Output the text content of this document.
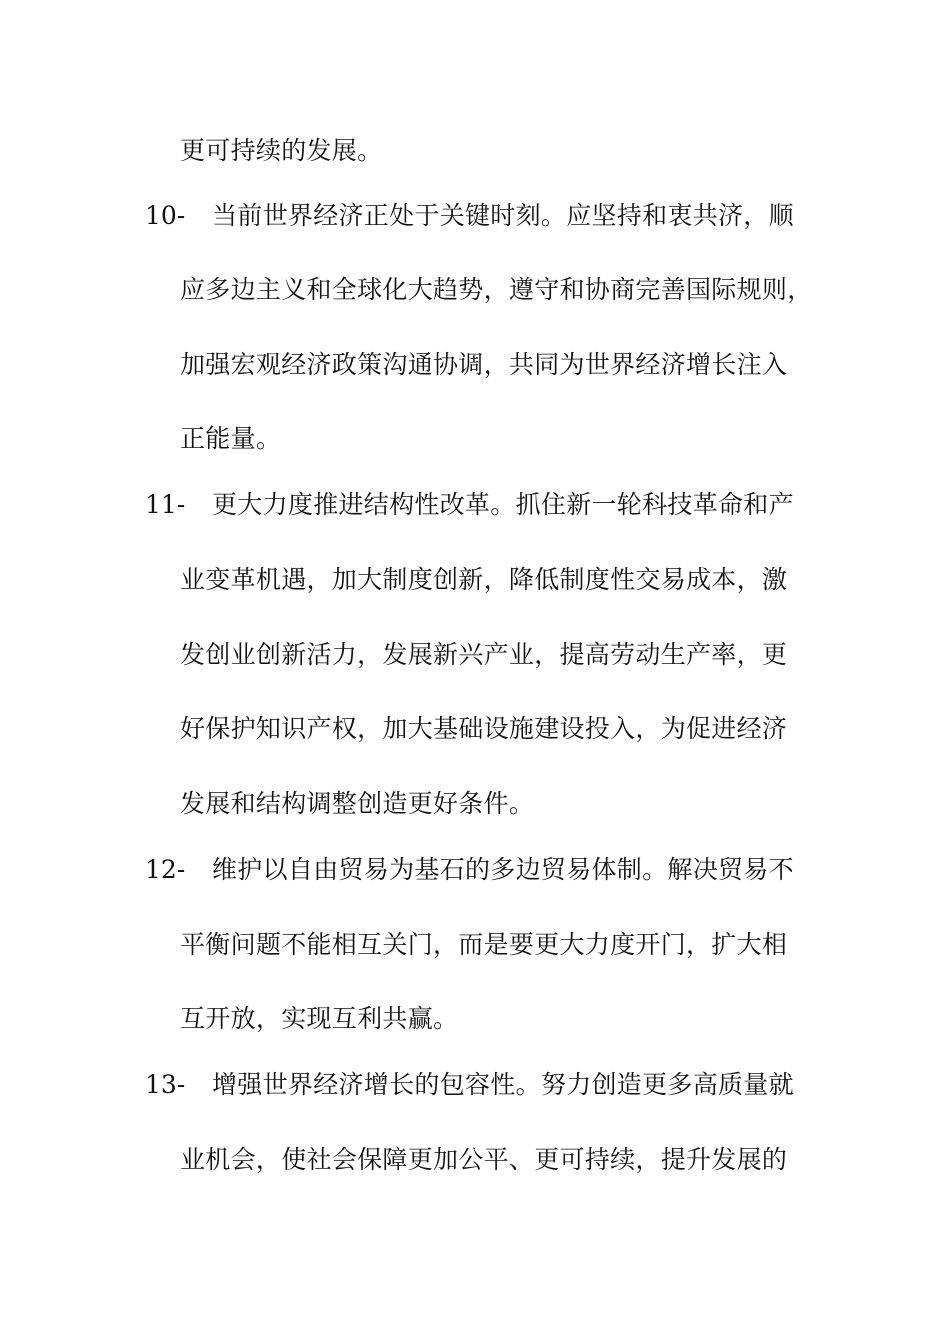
更可持续的发展。
10- 当前世界经济正处于关键时刻。应坚持和衷共济，顺
应多边主义和全球化大趋势，遵守和协商完善国际规则，
加强宏观经济政策沟通协调，共同为世界经济增长注入
正能量。
11- 更大力度推进结构性改革。抓住新一轮科技革命和产
业变革机遇，加大制度创新，降低制度性交易成本，激
发创业创新活力，发展新兴产业，提高劳动生产率，更
好保护知识产权，加大基础设施建设投入，为促进经济
发展和结构调整创造更好条件。
12- 维护以自由贸易为基石的多边贸易体制。解决贸易不
平衡问题不能相互关门，而是要更大力度开门，扩大相
互开放，实现互利共赢。
13- 增强世界经济增长的包容性。努力创造更多高质量就
业机会，使社会保障更加公平、更可持续，提升发展的
